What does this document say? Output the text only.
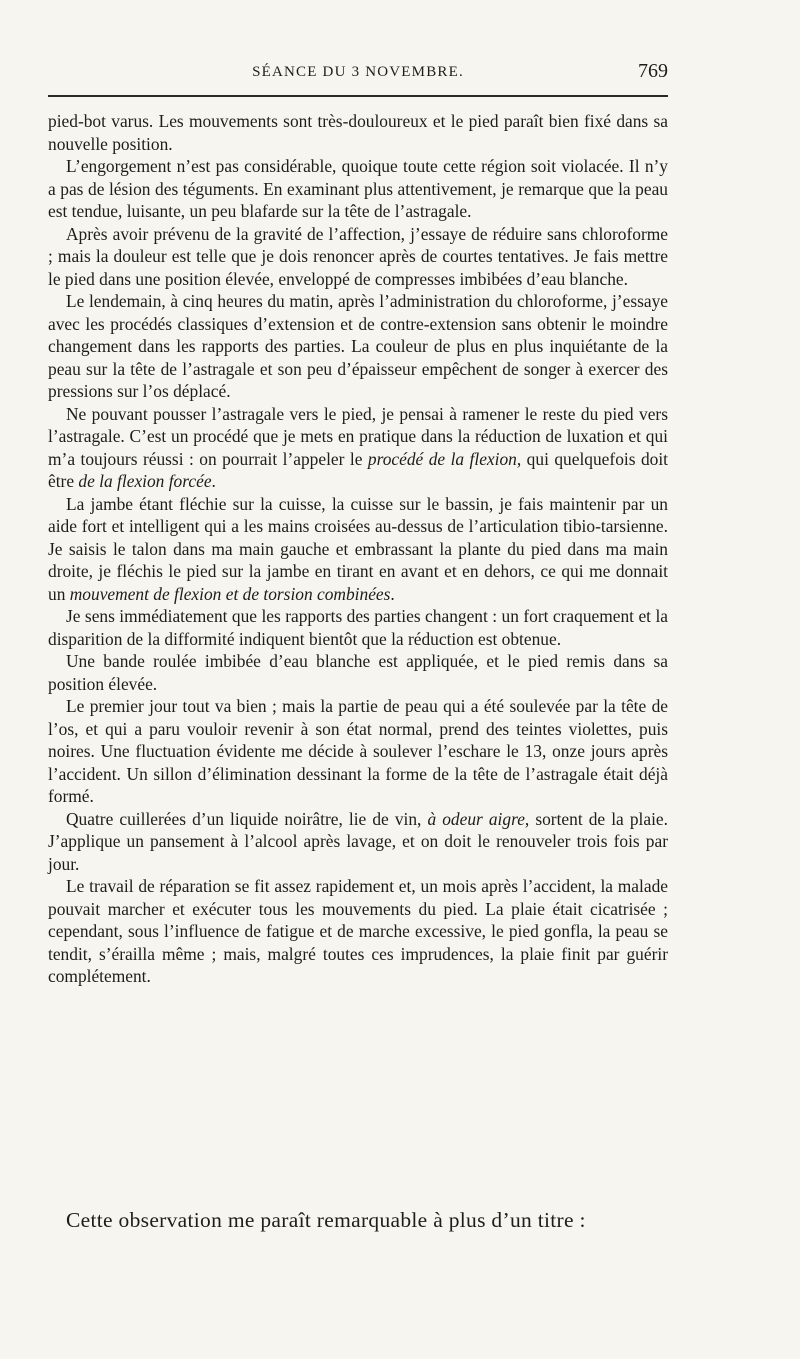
SÉANCE DU 3 NOVEMBRE.	769

pied-bot varus. Les mouvements sont très-douloureux et le pied paraît bien fixé dans sa nouvelle position.

L’engorgement n’est pas considérable, quoique toute cette région soit violacée. Il n’y a pas de lésion des téguments. En examinant plus attentivement, je remarque que la peau est tendue, luisante, un peu blafarde sur la tête de l’astragale.

Après avoir prévenu de la gravité de l’affection, j’essaye de réduire sans chloroforme ; mais la douleur est telle que je dois renoncer après de courtes tentatives. Je fais mettre le pied dans une position élevée, enveloppé de compresses imbibées d’eau blanche.

Le lendemain, à cinq heures du matin, après l’administration du chloroforme, j’essaye avec les procédés classiques d’extension et de contre-extension sans obtenir le moindre changement dans les rapports des parties. La couleur de plus en plus inquiétante de la peau sur la tête de l’astragale et son peu d’épaisseur empêchent de songer à exercer des pressions sur l’os déplacé.

Ne pouvant pousser l’astragale vers le pied, je pensai à ramener le reste du pied vers l’astragale. C’est un procédé que je mets en pratique dans la réduction de luxation et qui m’a toujours réussi : on pourrait l’appeler le procédé de la flexion, qui quelquefois doit être de la flexion forcée.

La jambe étant fléchie sur la cuisse, la cuisse sur le bassin, je fais maintenir par un aide fort et intelligent qui a les mains croisées au-dessus de l’articulation tibio-tarsienne. Je saisis le talon dans ma main gauche et embrassant la plante du pied dans ma main droite, je fléchis le pied sur la jambe en tirant en avant et en dehors, ce qui me donnait un mouvement de flexion et de torsion combinées.

Je sens immédiatement que les rapports des parties changent : un fort craquement et la disparition de la difformité indiquent bientôt que la réduction est obtenue.

Une bande roulée imbibée d’eau blanche est appliquée, et le pied remis dans sa position élevée.

Le premier jour tout va bien ; mais la partie de peau qui a été soulevée par la tête de l’os, et qui a paru vouloir revenir à son état normal, prend des teintes violettes, puis noires. Une fluctuation évidente me décide à soulever l’eschare le 13, onze jours après l’accident. Un sillon d’élimination dessinant la forme de la tête de l’astragale était déjà formé.

Quatre cuillerées d’un liquide noirâtre, lie de vin, à odeur aigre, sortent de la plaie. J’applique un pansement à l’alcool après lavage, et on doit le renouveler trois fois par jour.

Le travail de réparation se fit assez rapidement et, un mois après l’accident, la malade pouvait marcher et exécuter tous les mouvements du pied. La plaie était cicatrisée ; cependant, sous l’influence de fatigue et de marche excessive, le pied gonfla, la peau se tendit, s’érailla même ; mais, malgré toutes ces imprudences, la plaie finit par guérir complétement.

Cette observation me paraît remarquable à plus d’un titre :
